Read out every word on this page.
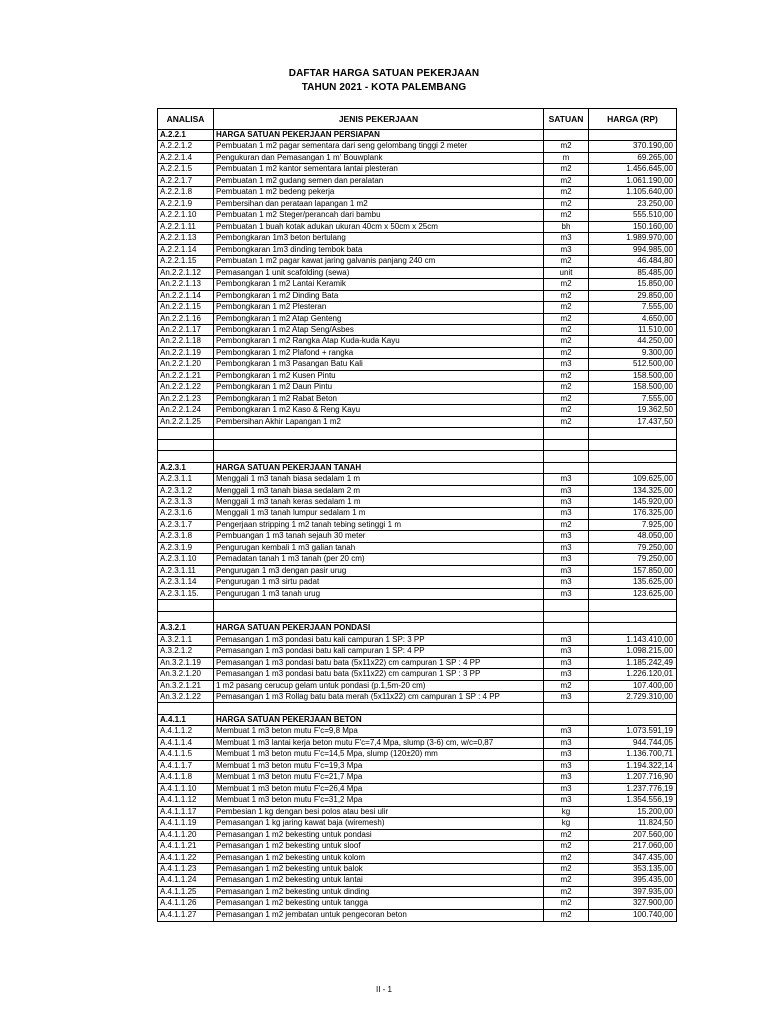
DAFTAR HARGA SATUAN PEKERJAAN
TAHUN 2021 - KOTA PALEMBANG
ANALISA	JENIS PEKERJAAN	SATUAN	HARGA (RP)
A.2.2.1	HARGA SATUAN PEKERJAAN PERSIAPAN
A.2.2.1.2	Pembuatan 1 m2 pagar sementara dari seng gelombang tinggi 2 meter	m2	370.190,00
A.2.2.1.4	Pengukuran dan Pemasangan 1 m' Bouwplank	m	69.265,00
A.2.2.1.5	Pembuatan 1 m2 kantor sementara lantai plesteran	m2	1.456.645,00
A.2.2.1.7	Pembuatan 1 m2 gudang semen dan peralatan	m2	1.061.190,00
A.2.2.1.8	Pembuatan 1 m2 bedeng pekerja	m2	1.105.640,00
A.2.2.1.9	Pembersihan dan perataan lapangan 1 m2	m2	23.250,00
A.2.2.1.10	Pembuatan 1 m2 Steger/perancah dari bambu	m2	555.510,00
A.2.2.1.11	Pembuatan 1 buah kotak adukan ukuran 40cm x 50cm x 25cm	bh	150.160,00
A.2.2.1.13	Pembongkaran 1m3 beton bertulang	m3	1.989.970,00
A.2.2.1.14	Pembongkaran 1m3 dinding tembok bata	m3	994.985,00
A.2.2.1.15	Pembuatan 1 m2 pagar kawat jaring galvanis panjang 240 cm	m2	46.484,80
An.2.2.1.12	Pemasangan 1 unit scafolding (sewa)	unit	85.485,00
An.2.2.1.13	Pembongkaran 1 m2 Lantai Keramik	m2	15.850,00
An.2.2.1.14	Pembongkaran 1 m2 Dinding Bata	m2	29.850,00
An.2.2.1.15	Pembongkaran 1 m2 Plesteran	m2	7.555,00
An.2.2.1.16	Pembongkaran 1 m2 Atap Genteng	m2	4.650,00
An.2.2.1.17	Pembongkaran 1 m2 Atap Seng/Asbes	m2	11.510,00
An.2.2.1.18	Pembongkaran 1 m2 Rangka Atap Kuda-kuda Kayu	m2	44.250,00
An.2.2.1.19	Pembongkaran 1 m2 Plafond + rangka	m2	9.300,00
An.2.2.1.20	Pembongkaran 1 m3 Pasangan Batu Kali	m3	512.500,00
An.2.2.1.21	Pembongkaran 1 m2 Kusen Pintu	m2	158.500,00
An.2.2.1.22	Pembongkaran 1 m2 Daun Pintu	m2	158.500,00
An.2.2.1.23	Pembongkaran 1 m2 Rabat Beton	m2	7.555,00
An.2.2.1.24	Pembongkaran 1 m2 Kaso & Reng Kayu	m2	19.362,50
An.2.2.1.25	Pembersihan Akhir Lapangan 1 m2	m2	17.437,50
A.2.3.1	HARGA SATUAN PEKERJAAN TANAH
A.2.3.1.1	Menggali 1 m3 tanah biasa sedalam 1 m	m3	109.625,00
A.2.3.1.2	Menggali 1 m3 tanah biasa sedalam 2 m	m3	134.325,00
A.2.3.1.3	Menggali 1 m3 tanah keras sedalam 1 m	m3	145.920,00
A.2.3.1.6	Menggali 1 m3 tanah lumpur sedalam 1 m	m3	176.325,00
A.2.3.1.7	Pengerjaan stripping 1 m2 tanah tebing setinggi 1 m	m2	7.925,00
A.2.3.1.8	Pembuangan 1 m3 tanah sejauh 30 meter	m3	48.050,00
A.2.3.1.9	Pengurugan kembali 1 m3 galian tanah	m3	79.250,00
A.2.3.1.10	Pemadatan tanah 1 m3 tanah (per 20 cm)	m3	79.250,00
A.2.3.1.11	Pengurugan 1 m3 dengan pasir urug	m3	157.850,00
A.2.3.1.14	Pengurugan 1 m3 sirtu padat	m3	135.625,00
A.2.3.1.15.	Pengurugan 1 m3 tanah urug	m3	123.625,00
A.3.2.1	HARGA SATUAN PEKERJAAN PONDASI
A.3.2.1.1	Pemasangan 1 m3 pondasi batu kali campuran 1 SP: 3 PP	m3	1.143.410,00
A.3.2.1.2	Pemasangan 1 m3 pondasi batu kali campuran 1 SP: 4 PP	m3	1.098.215,00
An.3.2.1.19	Pemasangan 1 m3 pondasi batu bata (5x11x22) cm campuran 1 SP : 4 PP	m3	1.185.242,49
An.3.2.1.20	Pemasangan 1 m3 pondasi batu bata (5x11x22) cm campuran 1 SP : 3 PP	m3	1.226.120,01
An.3.2.1.21	1 m2 pasang cerucup gelam untuk pondasi (p.1,5m-20 cm)	m2	107.400,00
An.3.2.1.22	Pemasangan 1 m3 Rollag batu bata merah (5x11x22) cm campuran 1 SP : 4 PP	m3	2.729.310,00
A.4.1.1	HARGA SATUAN PEKERJAAN BETON
A.4.1.1.2	Membuat 1 m3 beton mutu F'c=9,8 Mpa	m3	1.073.591,19
A.4.1.1.4	Membuat 1 m3 lantai kerja beton mutu F'c=7,4 Mpa, slump (3-6) cm, w/c=0,87	m3	944.744,05
A.4.1.1.5	Membuat 1 m3 beton mutu F'c=14,5 Mpa, slump (120±20) mm	m3	1.136.700,71
A.4.1.1.7	Membuat 1 m3 beton mutu F'c=19,3 Mpa	m3	1.194.322,14
A.4.1.1.8	Membuat 1 m3 beton mutu F'c=21,7 Mpa	m3	1.207.716,90
A.4.1.1.10	Membuat 1 m3 beton mutu F'c=26,4 Mpa	m3	1.237.776,19
A.4.1.1.12	Membuat 1 m3 beton mutu F'c=31,2 Mpa	m3	1.354.556,19
A.4.1.1.17	Pembesian 1 kg dengan besi polos atau besi ulir	kg	15.200,00
A.4.1.1.19	Pemasangan 1 kg jaring kawat baja (wiremesh)	kg	11.824,50
A.4.1.1.20	Pemasangan 1 m2 bekesting untuk pondasi	m2	207.560,00
A.4.1.1.21	Pemasangan 1 m2 bekesting untuk sloof	m2	217.060,00
A.4.1.1.22	Pemasangan 1 m2 bekesting untuk kolom	m2	347.435,00
A.4.1.1.23	Pemasangan 1 m2 bekesting untuk balok	m2	353.135,00
A.4.1.1.24	Pemasangan 1 m2 bekesting untuk lantai	m2	395.435,00
A.4.1.1.25	Pemasangan 1 m2 bekesting untuk dinding	m2	397.935,00
A.4.1.1.26	Pemasangan 1 m2 bekesting untuk tangga	m2	327.900,00
A.4.1.1.27	Pemasangan 1 m2 jembatan untuk pengecoran beton	m2	100.740,00
II - 1
